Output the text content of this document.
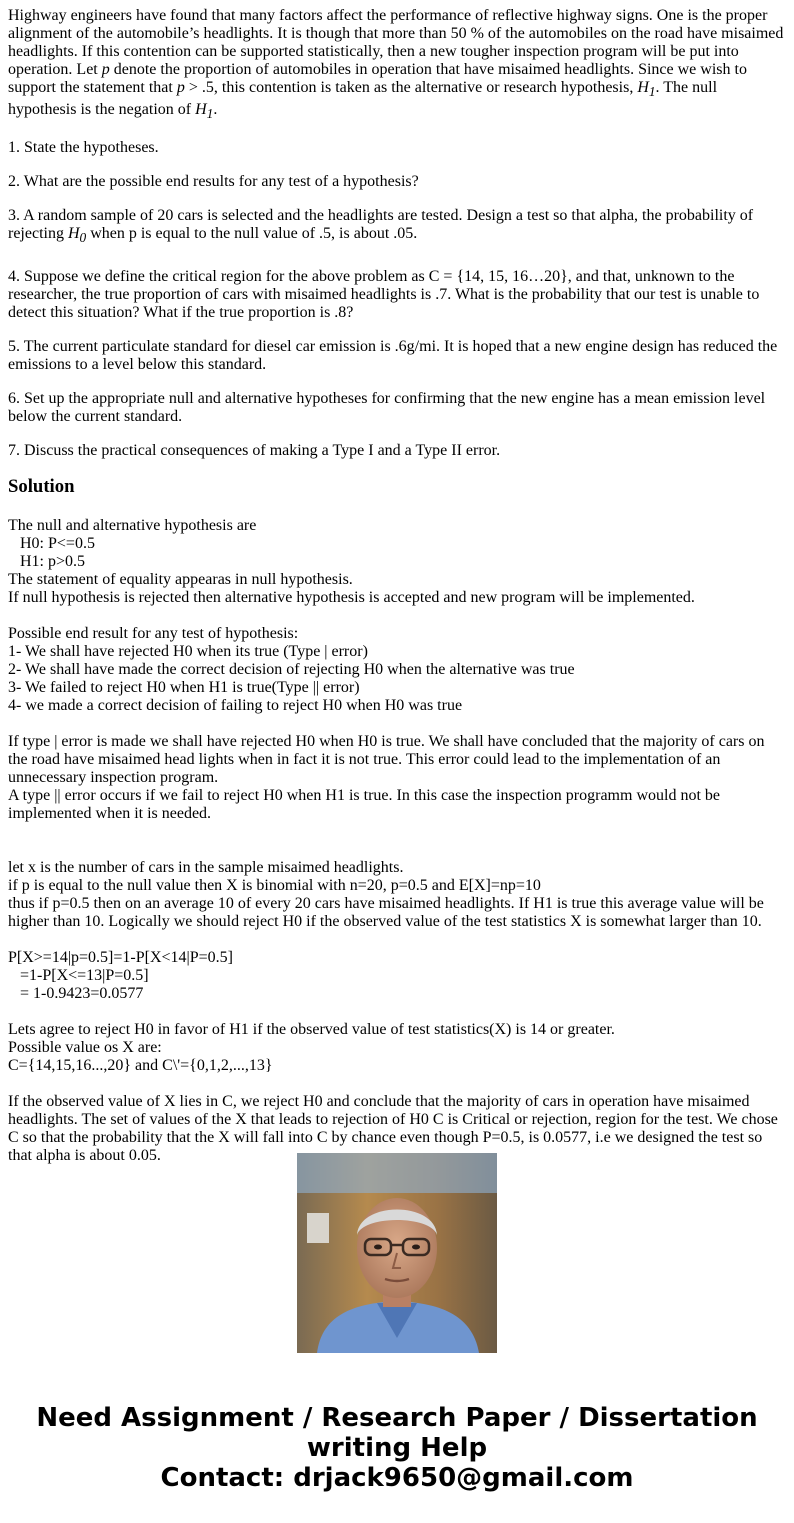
Highway engineers have found that many factors affect the performance of reflective highway signs. One is the proper alignment of the automobile’s headlights. It is though that more than 50 % of the automobiles on the road have misaimed headlights. If this contention can be supported statistically, then a new tougher inspection program will be put into operation. Let p denote the proportion of automobiles in operation that have misaimed headlights. Since we wish to support the statement that p > .5, this contention is taken as the alternative or research hypothesis, $H_1$. The null hypothesis is the negation of $H_1$.

1. State the hypotheses.

2. What are the possible end results for any test of a hypothesis?

3. A random sample of 20 cars is selected and the headlights are tested. Design a test so that alpha, the probability of rejecting $H_0$ when p is equal to the null value of .5, is about .05.

4. Suppose we define the critical region for the above problem as C = {14, 15, 16…20}, and that, unknown to the researcher, the true proportion of cars with misaimed headlights is .7. What is the probability that our test is unable to detect this situation? What if the true proportion is .8?

5. The current particulate standard for diesel car emission is .6g/mi. It is hoped that a new engine design has reduced the emissions to a level below this standard.

6. Set up the appropriate null and alternative hypotheses for confirming that the new engine has a mean emission level below the current standard.

7. Discuss the practical consequences of making a Type I and a Type II error.

Solution
The null and alternative hypothesis are
H0: P<=0.5
H1: p>0.5
The statement of equality appearas in null hypothesis.
If null hypothesis is rejected then alternative hypothesis is accepted and new program will be implemented.
Possible end result for any test of hypothesis:
1- We shall have rejected H0 when its true (Type | error)
2- We shall have made the correct decision of rejecting H0 when the alternative was true
3- We failed to reject H0 when H1 is true(Type || error)
4- we made a correct decision of failing to reject H0 when H0 was true
If type | error is made we shall have rejected H0 when H0 is true. We shall have concluded that the majority of cars on the road have misaimed head lights when in fact it is not true. This error could lead to the implementation of an unnecessary inspection program.
A type || error occurs if we fail to reject H0 when H1 is true. In this case the inspection programm would not be implemented when it is needed.
let x is the number of cars in the sample misaimed headlights.
if p is equal to the null value then X is binomial with n=20, p=0.5 and E[X]=np=10
thus if p=0.5 then on an average 10 of every 20 cars have misaimed headlights. If H1 is true this average value will be higher than 10. Logically we should reject H0 if the observed value of the test statistics X is somewhat larger than 10.
P[X>=14|p=0.5]=1-P[X<14|P=0.5]
=1-P[X<=13|P=0.5]
= 1-0.9423=0.0577
Lets agree to reject H0 in favor of H1 if the observed value of test statistics(X) is 14 or greater.
Possible value os X are:
C={14,15,16...,20} and C\'={0,1,2,...,13}
If the observed value of X lies in C, we reject H0 and conclude that the majority of cars in operation have misaimed headlights. The set of values of the X that leads to rejection of H0 C is Critical or rejection, region for the test. We chose C so that the probability that the X will fall into C by chance even though P=0.5, is 0.0577, i.e we designed the test so that alpha is about 0.05.
Need Assignment / Research Paper / Dissertation
writing Help
Contact: drjack9650@gmail.com
